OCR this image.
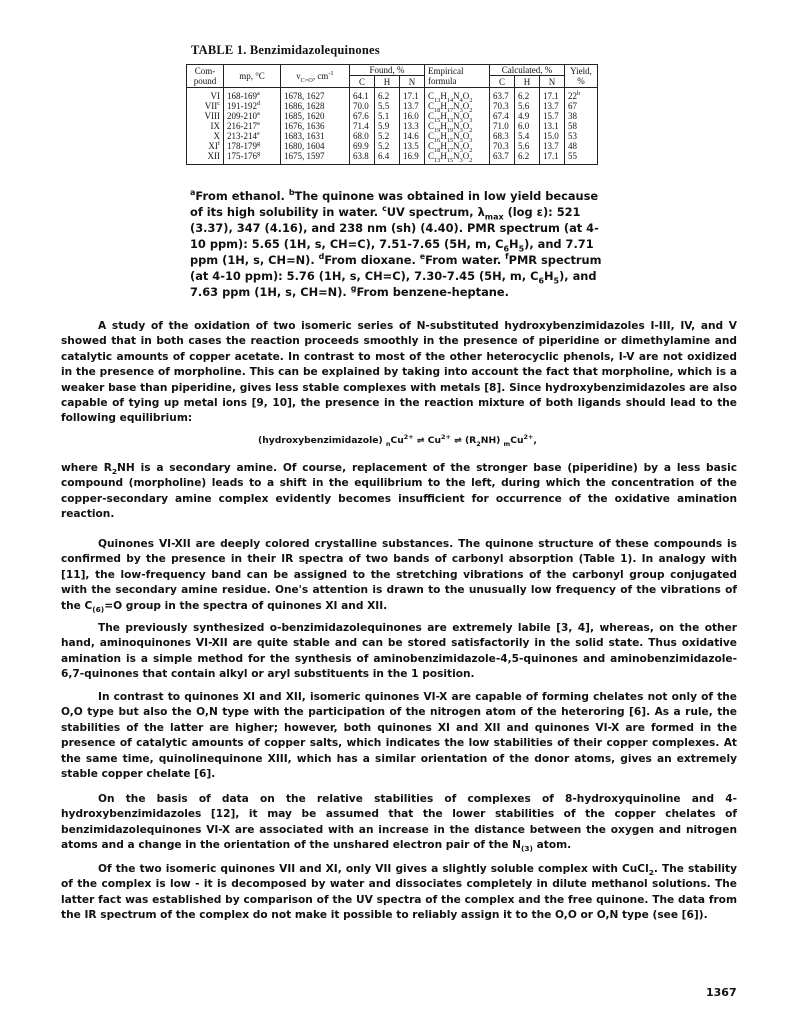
TABLE 1. Benzimidazolequinones
Com- pound	mp, °C	$\nu_{C=O}$, $cm^{-1}$	Found, %			Empirical formula	Calculated, %			Yield, %
			C	H	N		C	H	N	
VI	168-169$^a$	1678, 1627	64.1	6.2	17.1	$C_{13}H_{14}N_4O_2$	63.7	6.2	17.1	22$^b$
VII$^c$	191-192$^d$	1686, 1628	70.0	5.5	13.7	$C_{18}H_{17}N_3O_2$	70.3	5.6	13.7	67
VIII	209-210$^a$	1685, 1620	67.6	5.1	16.0	$C_{15}H_{13}N_3O_3$	67.4	4.9	15.7	38
IX	216-217$^a$	1676, 1636	71.4	5.9	13.3	$C_{19}H_{19}N_3O_2$	71.0	6.0	13.1	58
X	213-214e	1683, 1631	68.0	5.2	14.6	$C_{16}H_{15}N_3O_3$	68.3	5.4	15.0	53
$XI^f$	178-179$^g$	1680, 1604	69.9	5.2	13.5	$C_{18}H_{17}N_3O_2$	70.3	5.6	13.7	48
XII	175-176$^g$	1675, 1597	63.8	6.4	16.9	$C_{13}H_{15}N_3O_2$	63.7	6.2	17.1	55
$^a$From ethanol. $^b$The quinone was obtained in low yield because of its high solubility in water. $^c$UV spectrum, $\lambda_{max}$ (log ε): 521 (3.37), 347 (4.16), and 238 nm (sh) (4.40). PMR spectrum (at 4-10 ppm): 5.65 (1H, s, CH=C), 7.51-7.65 (5H, m, $C_6H_5$), and 7.71 ppm (1H, s, CH=N). $^d$From dioxane. $^e$From water. $^f$PMR spectrum (at 4-10 ppm): 5.76 (1H, s, CH=C), 7.30-7.45 (5H, m, $C_6H_5$), and 7.63 ppm (1H, s, CH=N). $^g$From benzene-heptane.
A study of the oxidation of two isomeric series of N-substituted hydroxybenzimidazoles I-III, IV, and V showed that in both cases the reaction proceeds smoothly in the presence of piperidine or dimethylamine and catalytic amounts of copper acetate. In contrast to most of the other heterocyclic phenols, I-V are not oxidized in the presence of morpholine. This can be explained by taking into account the fact that morpholine, which is a weaker base than piperidine, gives less stable complexes with metals [8]. Since hydroxybenzimidazoles are also capable of tying up metal ions [9, 10], the presence in the reaction mixture of both ligands should lead to the following equilibrium:
(hydroxybenzimidazole) $_nCu^{2+}$ ⇌ $Cu^{2+}$ ⇌ $(R_2NH)$ $_mCu^{2+}$,
where $R_2NH$ is a secondary amine. Of course, replacement of the stronger base (piperidine) by a less basic compound (morpholine) leads to a shift in the equilibrium to the left, during which the concentration of the copper-secondary amine complex evidently becomes insufficient for occurrence of the oxidative amination reaction.
Quinones VI-XII are deeply colored crystalline substances. The quinone structure of these compounds is confirmed by the presence in their IR spectra of two bands of carbonyl absorption (Table 1). In analogy with [11], the low-frequency band can be assigned to the stretching vibrations of the carbonyl group conjugated with the secondary amine residue. One's attention is drawn to the unusually low frequency of the vibrations of the $C_{(6)}=O$ group in the spectra of quinones XI and XII.
The previously synthesized o-benzimidazolequinones are extremely labile [3, 4], whereas, on the other hand, aminoquinones VI-XII are quite stable and can be stored satisfactorily in the solid state. Thus oxidative amination is a simple method for the synthesis of aminobenzimidazole-4,5-quinones and aminobenzimidazole-6,7-quinones that contain alkyl or aryl substituents in the 1 position.
In contrast to quinones XI and XII, isomeric quinones VI-X are capable of forming chelates not only of the O,O type but also the O,N type with the participation of the nitrogen atom of the heteroring [6]. As a rule, the stabilities of the latter are higher; however, both quinones XI and XII and quinones VI-X are formed in the presence of catalytic amounts of copper salts, which indicates the low stabilities of their copper complexes. At the same time, quinolinequinone XIII, which has a similar orientation of the donor atoms, gives an extremely stable copper chelate [6].
On the basis of data on the relative stabilities of complexes of 8-hydroxyquinoline and 4-hydroxybenzimidazoles [12], it may be assumed that the lower stabilities of the copper chelates of benzimidazolequinones VI-X are associated with an increase in the distance between the oxygen and nitrogen atoms and a change in the orientation of the unshared electron pair of the $N_{(3)}$ atom.
Of the two isomeric quinones VII and XI, only VII gives a slightly soluble complex with CuCl$_2$. The stability of the complex is low - it is decomposed by water and dissociates completely in dilute methanol solutions. The latter fact was established by comparison of the UV spectra of the complex and the free quinone. The data from the IR spectrum of the complex do not make it possible to reliably assign it to the O,O or O,N type (see [6]).
1367
